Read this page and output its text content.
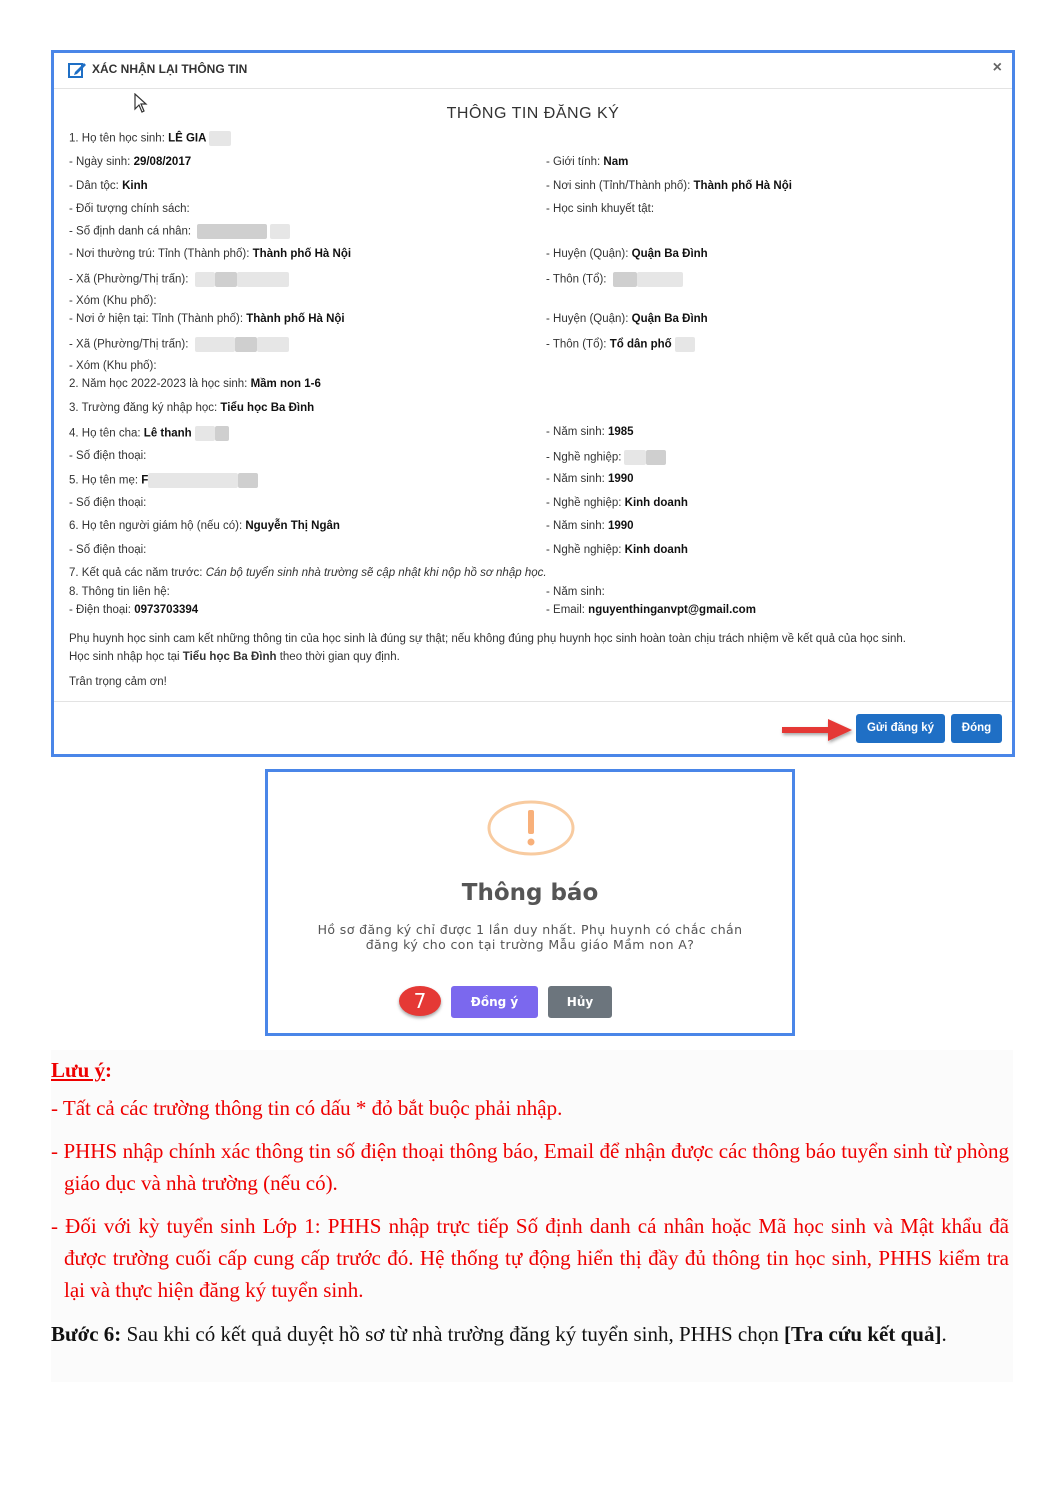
XÁC NHẬN LẠI THÔNG TIN	×
THÔNG TIN ĐĂNG KÝ
1. Họ tên học sinh: LÊ GIA
- Ngày sinh: 29/08/2017	- Giới tính: Nam
- Dân tộc: Kinh	- Nơi sinh (Tỉnh/Thành phố): Thành phố Hà Nội
- Đối tượng chính sách:	- Học sinh khuyết tật:
- Số định danh cá nhân:
- Nơi thường trú: Tỉnh (Thành phố): Thành phố Hà Nội	- Huyện (Quận): Quận Ba Đình
- Xã (Phường/Thị trấn):	- Thôn (Tổ):
- Xóm (Khu phố):
- Nơi ở hiện tại: Tỉnh (Thành phố): Thành phố Hà Nội	- Huyện (Quận): Quận Ba Đình
- Xã (Phường/Thị trấn):	- Thôn (Tổ): Tổ dân phố
- Xóm (Khu phố):
2. Năm học 2022-2023 là học sinh: Mầm non 1-6
3. Trường đăng ký nhập học: Tiểu học Ba Đình
4. Họ tên cha: Lê thanh	- Năm sinh: 1985
- Số điện thoại:	- Nghề nghiệp:
5. Họ tên mẹ: F	- Năm sinh: 1990
- Số điện thoại:	- Nghề nghiệp: Kinh doanh
6. Họ tên người giám hộ (nếu có): Nguyễn Thị Ngân	- Năm sinh: 1990
- Số điện thoại:	- Nghề nghiệp: Kinh doanh
7. Kết quả các năm trước: Cán bộ tuyển sinh nhà trường sẽ cập nhật khi nộp hồ sơ nhập học.
8. Thông tin liên hệ:	- Năm sinh:
- Điện thoại: 0973703394	- Email: nguyenthinganvpt@gmail.com
Phụ huynh học sinh cam kết những thông tin của học sinh là đúng sự thật; nếu không đúng phụ huynh học sinh hoàn toàn chịu trách nhiệm về kết quả của học sinh.
Học sinh nhập học tại Tiểu học Ba Đình theo thời gian quy định.
Trân trọng cảm ơn!
Gửi đăng ký	Đóng
Thông báo
Hồ sơ đăng ký chỉ được 1 lần duy nhất. Phụ huynh có chắc chắn đăng ký cho con tại trường Mẫu giáo Mầm non A?
7	Đồng ý	Hủy
Lưu ý:
- Tất cả các trường thông tin có dấu * đỏ bắt buộc phải nhập.
- PHHS nhập chính xác thông tin số điện thoại thông báo, Email để nhận được các thông báo tuyển sinh từ phòng giáo dục và nhà trường (nếu có).
- Đối với kỳ tuyển sinh Lớp 1: PHHS nhập trực tiếp Số định danh cá nhân hoặc Mã học sinh và Mật khẩu đã được trường cuối cấp cung cấp trước đó. Hệ thống tự động hiển thị đầy đủ thông tin học sinh, PHHS kiểm tra lại và thực hiện đăng ký tuyển sinh.
Bước 6: Sau khi có kết quả duyệt hồ sơ từ nhà trường đăng ký tuyển sinh, PHHS chọn [Tra cứu kết quả].
